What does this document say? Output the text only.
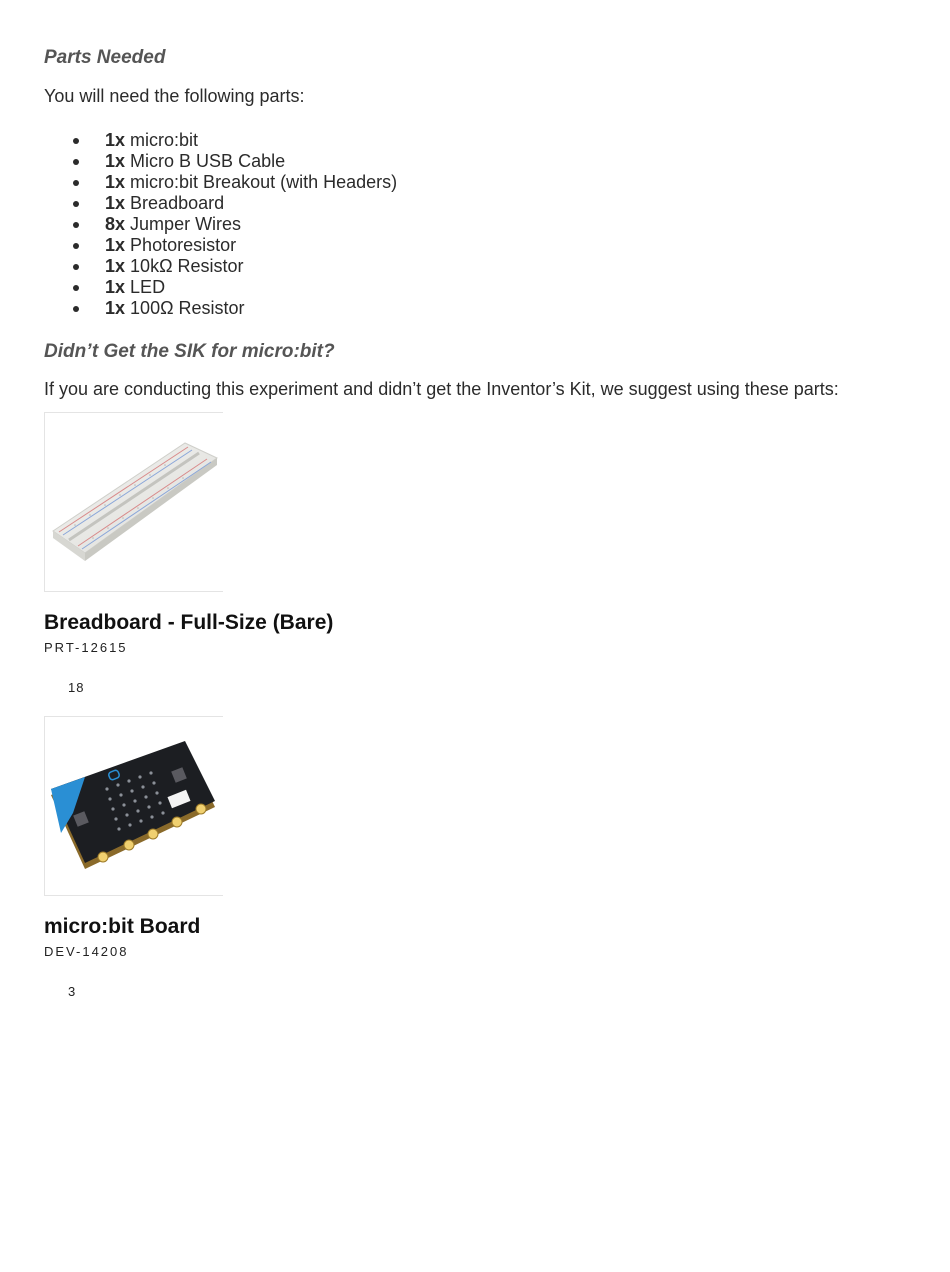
Parts Needed

You will need the following parts:

1x micro:bit
1x Micro B USB Cable
1x micro:bit Breakout (with Headers)
1x Breadboard
8x Jumper Wires
1x Photoresistor
1x 10kΩ Resistor
1x LED
1x 100Ω Resistor
Didn’t Get the SIK for micro:bit?

If you are conducting this experiment and didn’t get the Inventor’s Kit, we suggest using these parts:

Breadboard - Full-Size (Bare)

PRT-12615

18

micro:bit Board

DEV-14208

3
